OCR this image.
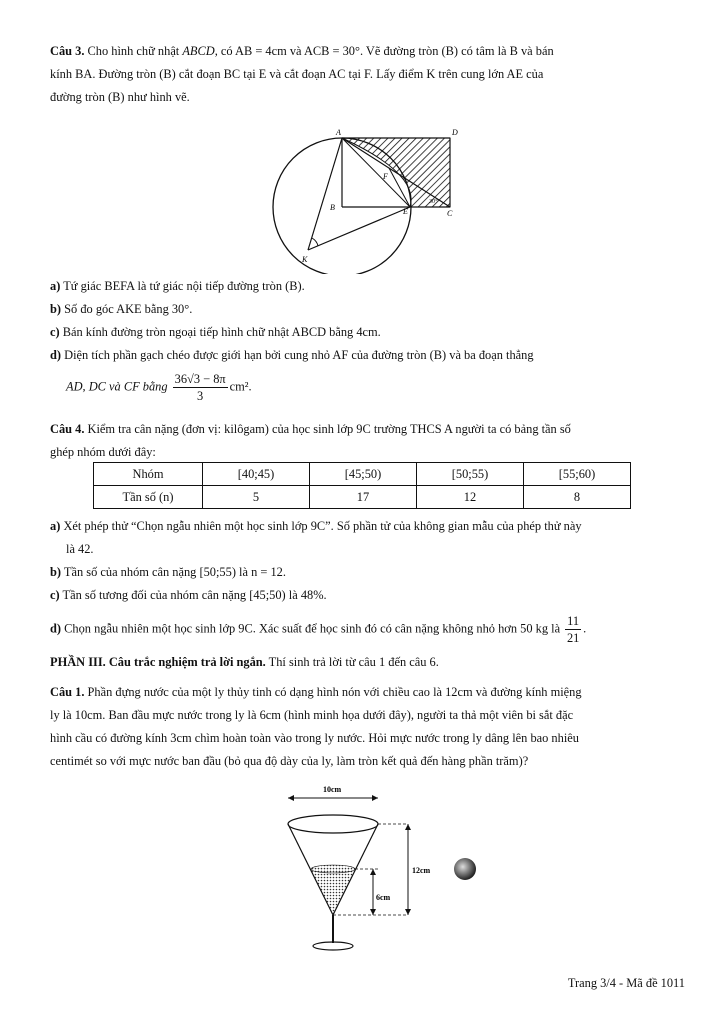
Câu 3. Cho hình chữ nhật ABCD, có AB = 4cm và ACB = 30°. Vẽ đường tròn (B) có tâm là B và bán
kính BA. Đường tròn (B) cắt đoạn BC tại E và cắt đoạn AC tại F. Lấy điểm K trên cung lớn AE của
đường tròn (B) như hình vẽ.
A	D
B
C
E
F
K
30°
a) Tứ giác BEFA là tứ giác nội tiếp đường tròn (B).
b) Số đo góc AKE bằng 30°.
c) Bán kính đường tròn ngoại tiếp hình chữ nhật ABCD bằng 4cm.
d) Diện tích phần gạch chéo được giới hạn bởi cung nhỏ AF của đường tròn (B) và ba đoạn thẳng
AD, DC và CF bằng $\frac{36√3 - 8\pi}{3} cm^2$.
Câu 4. Kiểm tra cân nặng (đơn vị: kilôgam) của học sinh lớp 9C trường THCS A người ta có bảng tần số
ghép nhóm dưới đây:
Nhóm	[40;45)	[45;50)	[50;55)	[55;60)
Tần số (n)	5	17	12	8
a) Xét phép thử “Chọn ngẫu nhiên một học sinh lớp 9C”. Số phần tử của không gian mẫu của phép thử này
là 42.
b) Tần số của nhóm cân nặng [50;55) là n = 12.
c) Tần số tương đối của nhóm cân nặng [45;50) là 48%.
d) Chọn ngẫu nhiên một học sinh lớp 9C. Xác suất để học sinh đó có cân nặng không nhỏ hơn 50 kg là $\frac{11}{21}$ .
PHẦN III. Câu trắc nghiệm trả lời ngắn. Thí sinh trả lời từ câu 1 đến câu 6.
Câu 1. Phần đựng nước của một ly thủy tinh có dạng hình nón với chiều cao là 12cm và đường kính miệng
ly là 10cm. Ban đầu mực nước trong ly là 6cm (hình minh họa dưới đây), người ta thả một viên bi sắt đặc
hình cầu có đường kính 3cm chìm hoàn toàn vào trong ly nước. Hỏi mực nước trong ly dâng lên bao nhiêu
centimét so với mực nước ban đầu (bỏ qua độ dày của ly, làm tròn kết quả đến hàng phần trăm)?
10cm
12cm
6cm
Trang 3/4 - Mã đề 1011
